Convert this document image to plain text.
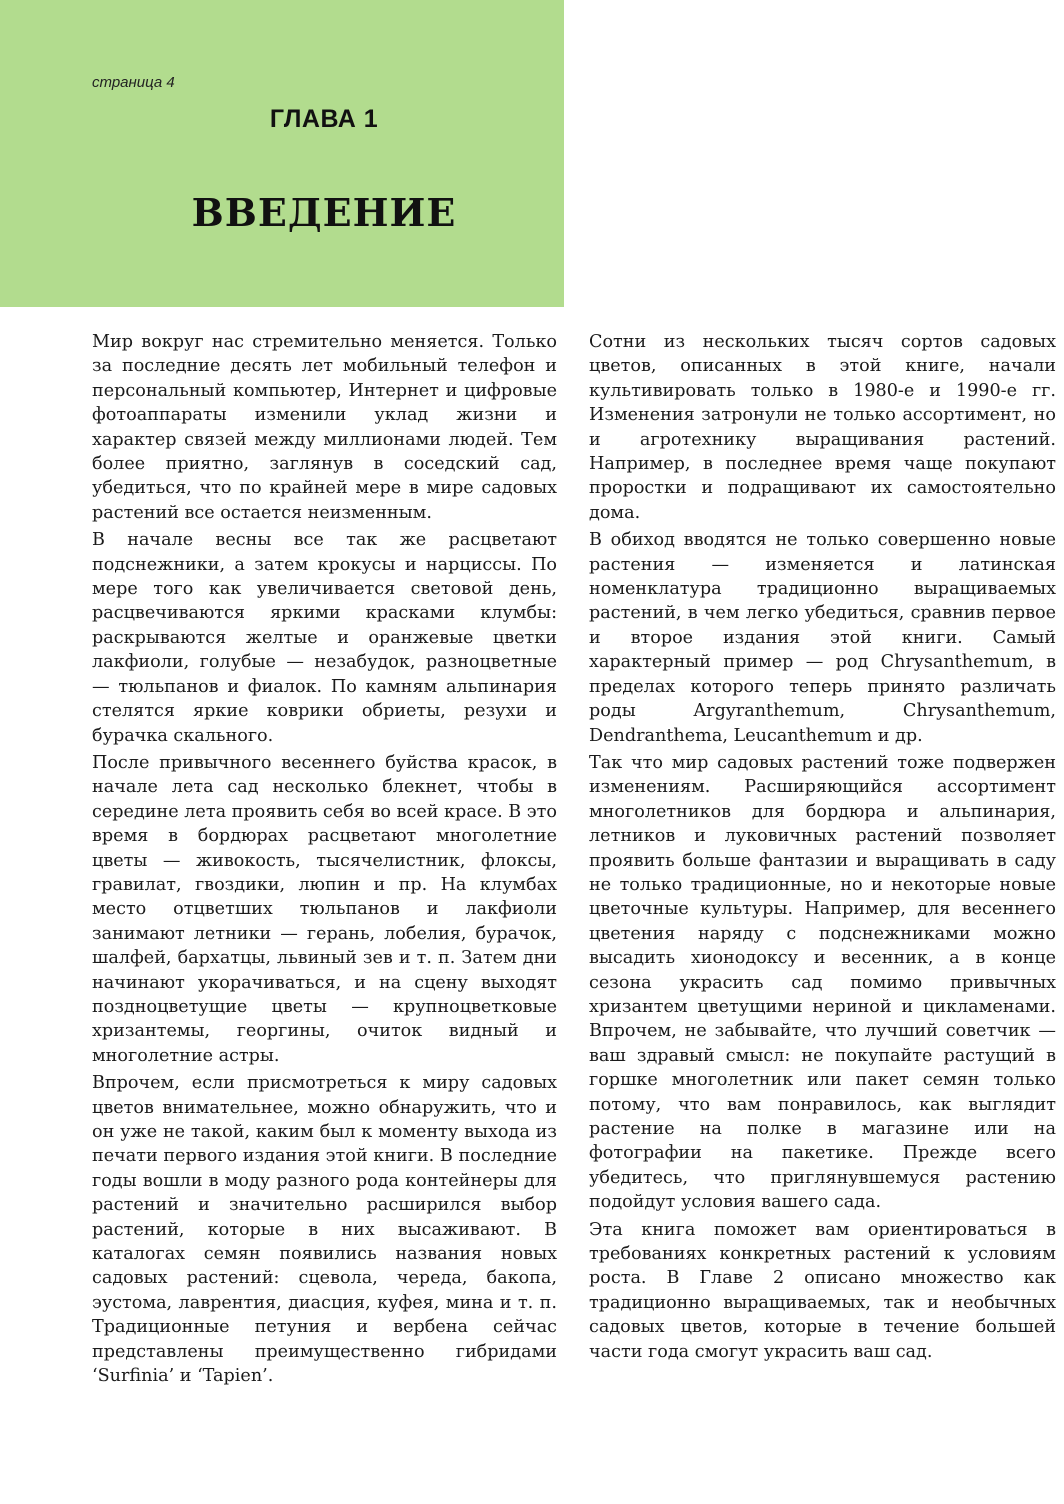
страница 4
ГЛАВА 1
ВВЕДЕНИЕ

Мир вокруг нас стремительно меняется. Только за последние десять лет мобильный телефон и персональный компьютер, Интернет и цифровые фотоаппараты изменили уклад жизни и характер связей между миллионами людей. Тем более приятно, заглянув в соседский сад, убедиться, что по крайней мере в мире садовых растений все остается неизменным.

В начале весны все так же расцветают подснежники, а затем крокусы и нарциссы. По мере того как увеличивается световой день, расцвечиваются яркими красками клумбы: раскрываются желтые и оранжевые цветки лакфиоли, голубые — незабудок, разноцветные — тюльпанов и фиалок. По камням альпинария стелятся яркие коврики обриеты, резухи и бурачка скального.

После привычного весеннего буйства красок, в начале лета сад несколько блекнет, чтобы в середине лета проявить себя во всей красе. В это время в бордюрах расцветают многолетние цветы — живокость, тысячелистник, флоксы, гравилат, гвоздики, люпин и пр. На клумбах место отцветших тюльпанов и лакфиоли занимают летники — герань, лобелия, бурачок, шалфей, бархатцы, львиный зев и т. п. Затем дни начинают укорачиваться, и на сцену выходят поздноцветущие цветы — крупноцветковые хризантемы, георгины, очиток видный и многолетние астры.

Впрочем, если присмотреться к миру садовых цветов внимательнее, можно обнаружить, что и он уже не такой, каким был к моменту выхода из печати первого издания этой книги. В последние годы вошли в моду разного рода контейнеры для растений и значительно расширился выбор растений, которые в них высаживают. В каталогах семян появились названия новых садовых растений: сцевола, череда, бакопа, эустома, лаврентия, диасция, куфея, мина и т. п. Традиционные петуния и вербена сейчас представлены преимущественно гибридами ‘Surfinia’ и ‘Tapien’.

Сотни из нескольких тысяч сортов садовых цветов, описанных в этой книге, начали культивировать только в 1980-е и 1990-е гг. Изменения затронули не только ассортимент, но и агротехнику выращивания растений. Например, в последнее время чаще покупают проростки и подращивают их самостоятельно дома.

В обиход вводятся не только совершенно новые растения — изменяется и латинская номенклатура традиционно выращиваемых растений, в чем легко убедиться, сравнив первое и второе издания этой книги. Самый характерный пример — род Chrysanthemum, в пределах которого теперь принято различать роды Argyranthemum, Chrysanthemum, Dendranthema, Leucanthemum и др.

Так что мир садовых растений тоже подвержен изменениям. Расширяющийся ассортимент многолетников для бордюра и альпинария, летников и луковичных растений позволяет проявить больше фантазии и выращивать в саду не только традиционные, но и некоторые новые цветочные культуры. Например, для весеннего цветения наряду с подснежниками можно высадить хионодоксу и весенник, а в конце сезона украсить сад помимо привычных хризантем цветущими нериной и цикламенами. Впрочем, не забывайте, что лучший советчик — ваш здравый смысл: не покупайте растущий в горшке многолетник или пакет семян только потому, что вам понравилось, как выглядит растение на полке в магазине или на фотографии на пакетике. Прежде всего убедитесь, что приглянувшемуся растению подойдут условия вашего сада.

Эта книга поможет вам ориентироваться в требованиях конкретных растений к условиям роста. В Главе 2 описано множество как традиционно выращиваемых, так и необычных садовых цветов, которые в течение большей части года смогут украсить ваш сад.
